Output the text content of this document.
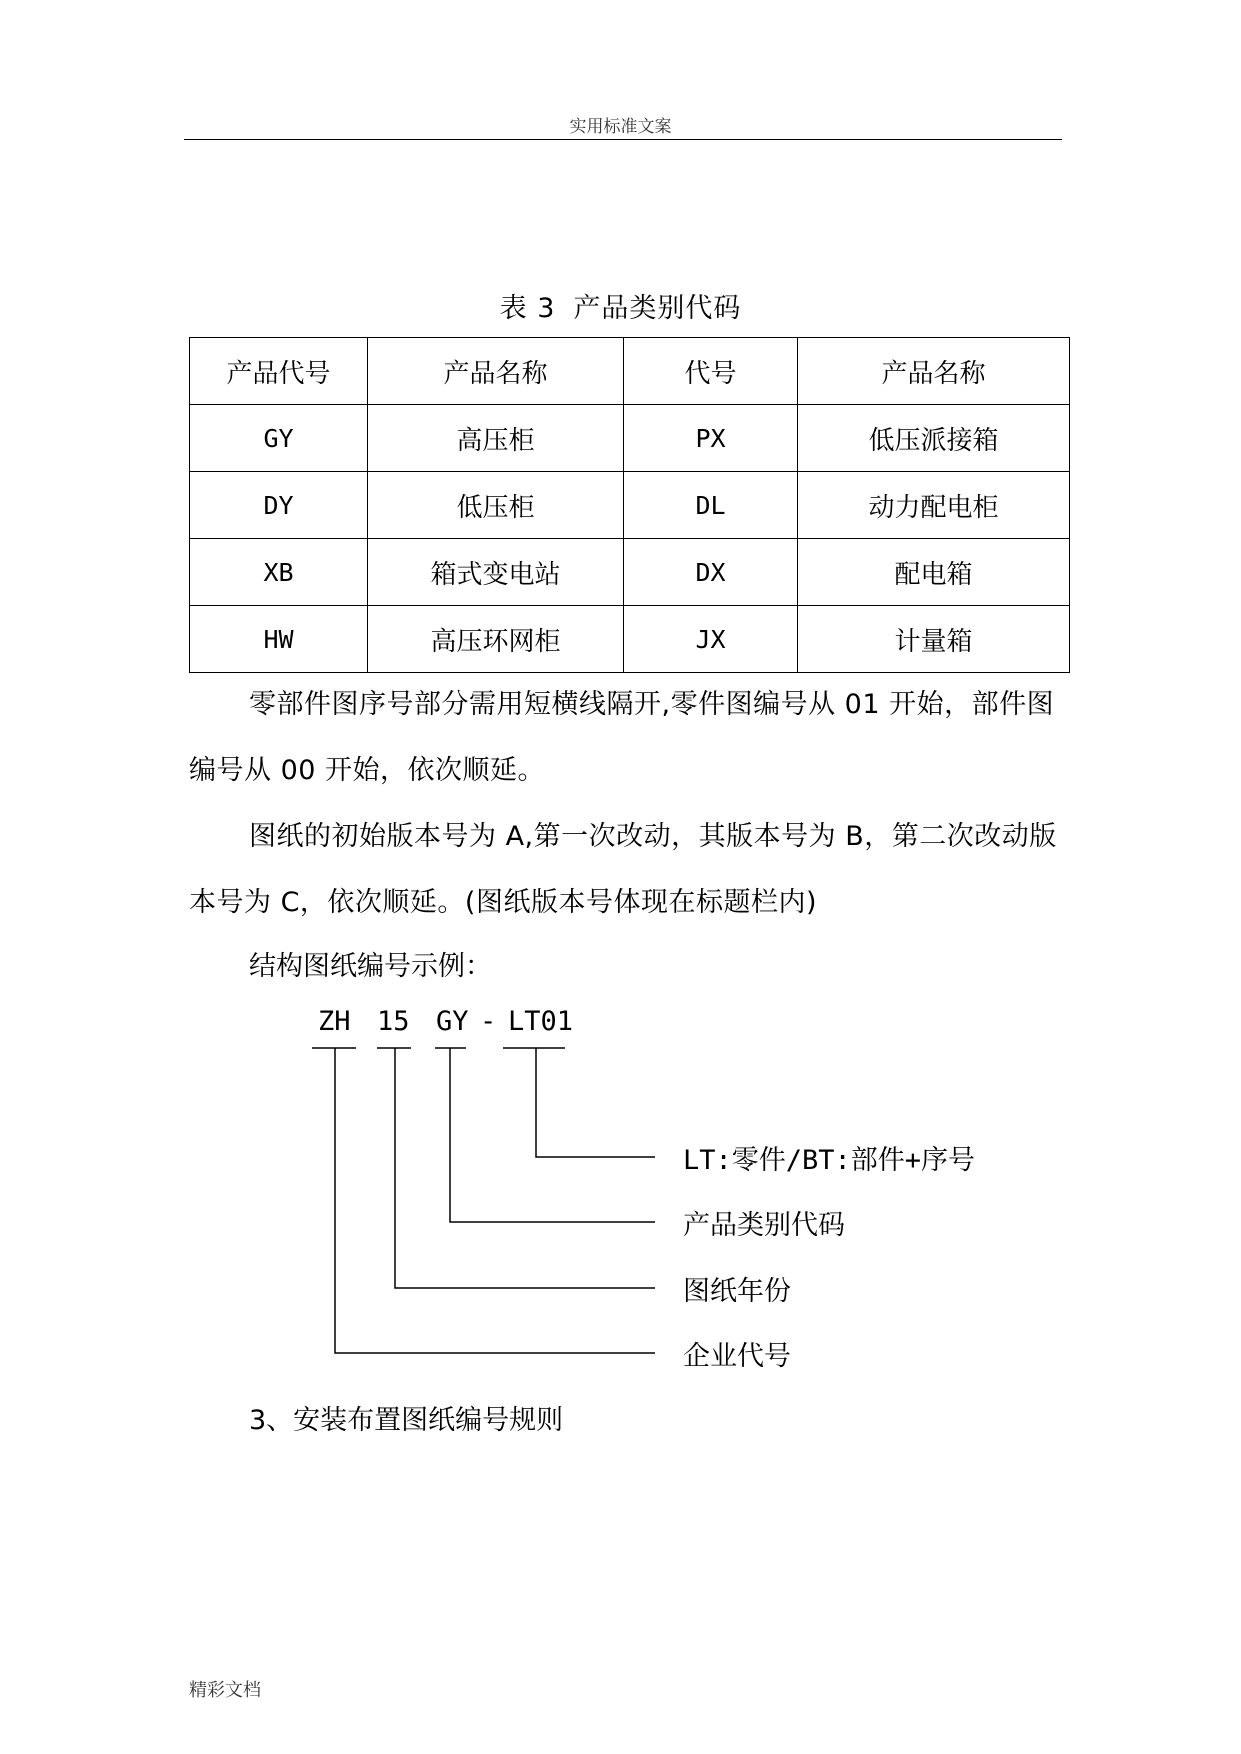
实用标准文案
表 3 产品类别代码
产品代号	产品名称	代号	产品名称
GY	高压柜	PX	低压派接箱
DY	低压柜	DL	动力配电柜
XB	箱式变电站	DX	配电箱
HW	高压环网柜	JX	计量箱
零部件图序号部分需用短横线隔开,零件图编号从 01 开始，部件图编号从 00 开始，依次顺延。
图纸的初始版本号为 A,第一次改动，其版本号为 B，第二次改动版本号为 C，依次顺延。(图纸版本号体现在标题栏内)
结构图纸编号示例：
ZH 15 GY - LT01
LT:零件/BT:部件+序号
产品类别代码
图纸年份
企业代号
3、安装布置图纸编号规则
精彩文档
